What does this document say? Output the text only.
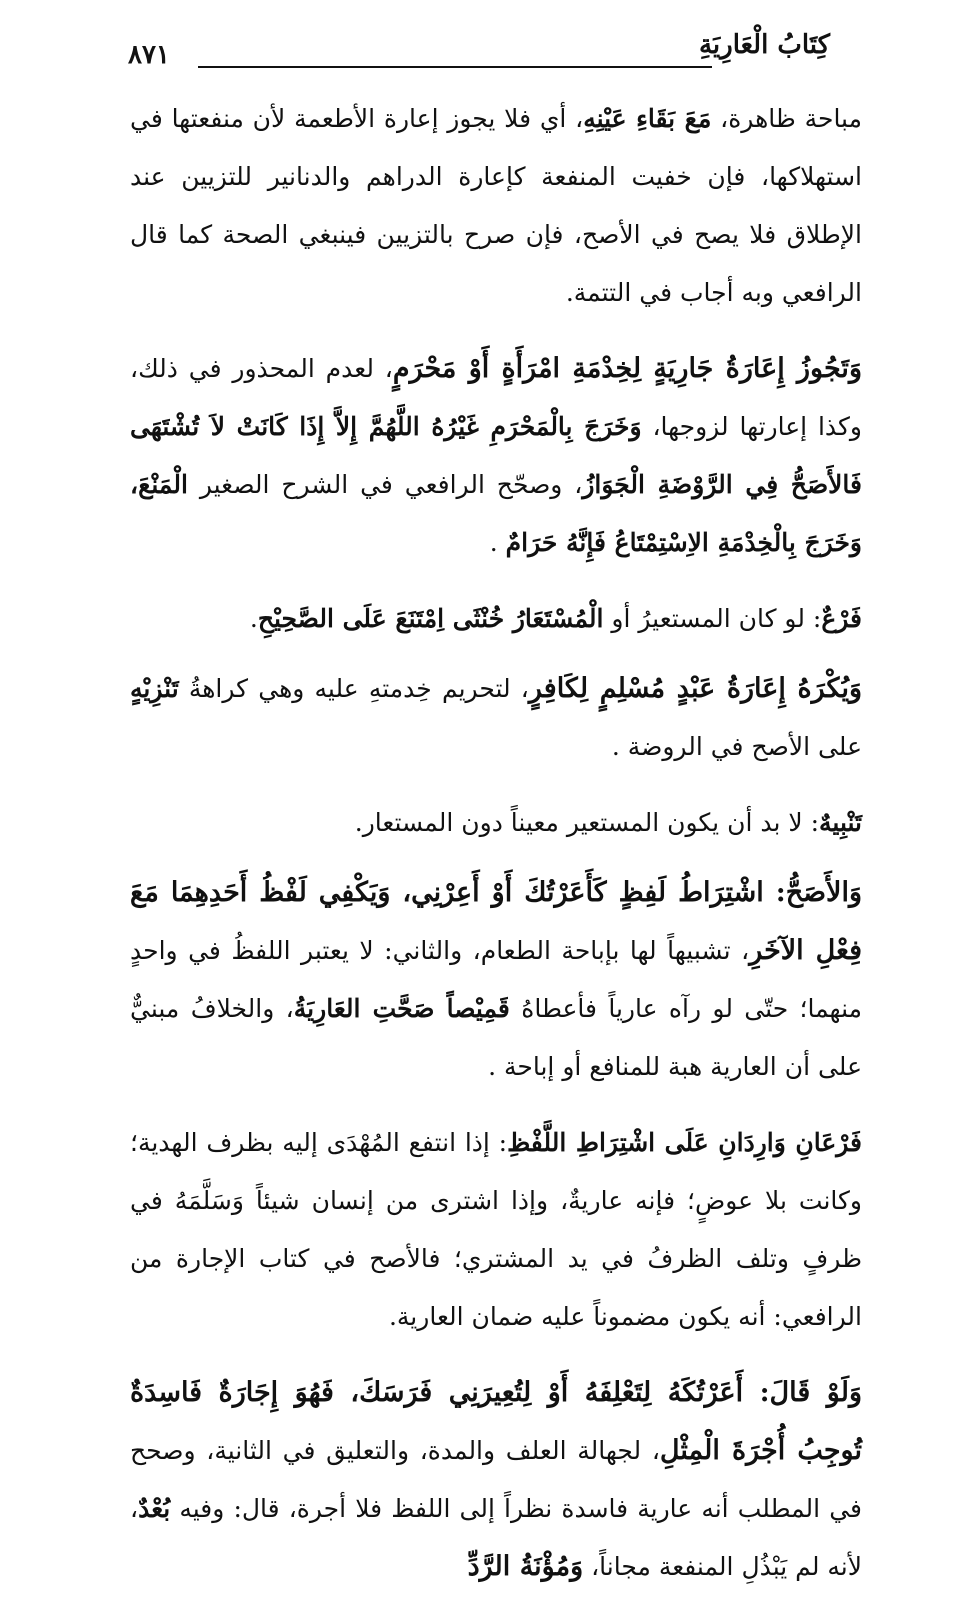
كِتَابُ الْعَارِيَةِ
٨٧١

مباحة ظاهرة، مَعَ بَقَاءِ عَيْنِهِ، أي فلا يجوز إعارة الأطعمة لأن منفعتها في استهلاكها، فإن خفيت المنفعة كإعارة الدراهم والدنانير للتزيين عند الإطلاق فلا يصح في الأصح، فإن صرح بالتزيين فينبغي الصحة كما قال الرافعي وبه أجاب في التتمة.

وَتَجُوزُ إِعَارَةُ جَارِيَةٍ لِخِدْمَةِ امْرَأَةٍ أَوْ مَحْرَمٍ، لعدم المحذور في ذلك، وكذا إعارتها لزوجها، وَخَرَجَ بِالْمَحْرَمِ غَيْرُهُ اللَّهُمَّ إِلاَّ إِذَا كَانَتْ لاَ تُشْتَهَى فَالأَصَحُّ فِي الرَّوْضَةِ الْجَوَازُ، وصحّح الرافعي في الشرح الصغير الْمَنْعَ، وَخَرَجَ بِالْخِدْمَةِ الاِسْتِمْتَاعُ فَإِنَّهُ حَرَامٌ .

فَرْعٌ: لو كان المستعيرُ أو الْمُسْتَعَارُ خُنْثَى اِمْتَنَعَ عَلَى الصَّحِيْحِ.

وَيُكْرَهُ إِعَارَةُ عَبْدٍ مُسْلِمٍ لِكَافِرٍ، لتحريم خِدمتهِ عليه وهي كراهةُ تَنْزِيْهٍ على الأصح في الروضة .

تَنْبِيهٌ: لا بد أن يكون المستعير معيناً دون المستعار.

وَالأَصَحُّ: اشْتِرَاطُ لَفِظٍ كَأَعَرْتُكَ أَوْ أَعِرْنِي، وَيَكْفِي لَفْظُ أَحَدِهِمَا مَعَ فِعْلِ الآخَرِ، تشبيهاً لها بإباحة الطعام، والثاني: لا يعتبر اللفظُ في واحدٍ منهما؛ حتّى لو رآه عارياً فأعطاهُ قَمِيْصاً صَحَّتِ العَارِيَةُ، والخلافُ مبنيٌّ على أن العارية هبة للمنافع أو إباحة .

فَرْعَانِ وَارِدَانِ عَلَى اشْتِرَاطِ اللَّفْظِ: إذا انتفع المُهْدَى إليه بظرف الهدية؛ وكانت بلا عوضٍ؛ فإنه عاريةٌ، وإذا اشترى من إنسان شيئاً وَسَلَّمَهُ في ظرفٍ وتلف الظرفُ في يد المشتري؛ فالأصح في كتاب الإجارة من الرافعي: أنه يكون مضموناً عليه ضمان العارية.

وَلَوْ قَالَ: أَعَرْتُكَهُ لِتَعْلِفَهُ أَوْ لِتُعِيرَنِي فَرَسَكَ، فَهُوَ إِجَارَةٌ فَاسِدَةٌ تُوجِبُ أُجْرَةَ الْمِثْلِ، لجهالة العلف والمدة، والتعليق في الثانية، وصحح في المطلب أنه عارية فاسدة نظراً إلى اللفظ فلا أجرة، قال: وفيه بُعْدٌ، لأنه لم يَبْذُلِ المنفعة مجاناً، وَمُؤْنَةُ الرَّدِّ
